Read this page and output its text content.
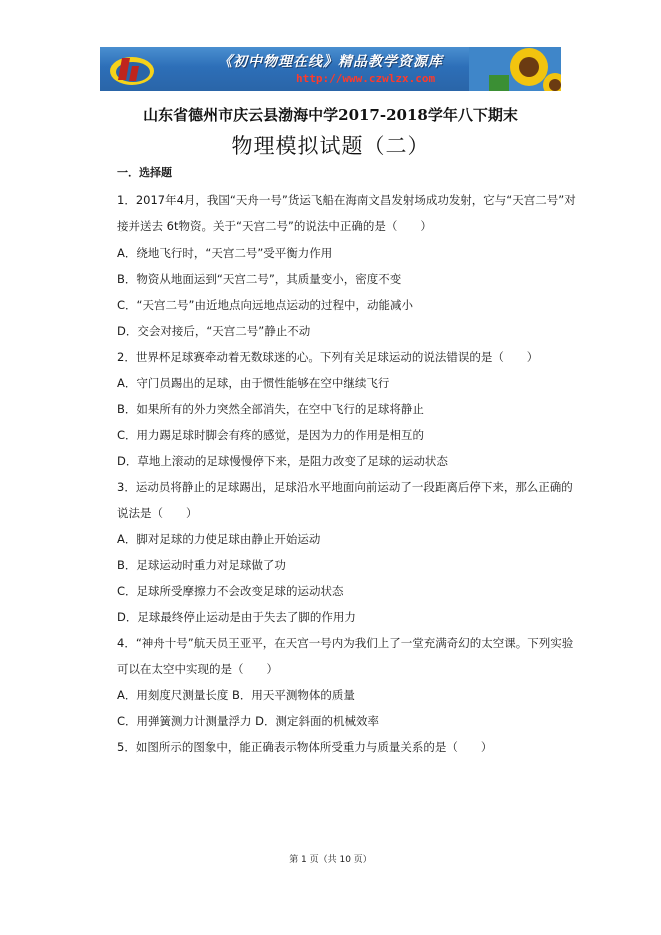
《初中物理在线》精品教学资源库
http://www.czwlzx.com
山东省德州市庆云县渤海中学2017-2018学年八下期末
物理模拟试题（二）
一．选择题
1．2017年4月，我国“天舟一号”货运飞船在海南文昌发射场成功发射，它与“天宫二号”对
接并送去 6t物资。关于“天宫二号”的说法中正确的是（　　）
A．绕地飞行时，“天宫二号”受平衡力作用
B．物资从地面运到“天宫二号”，其质量变小，密度不变
C．“天宫二号”由近地点向远地点运动的过程中，动能减小
D．交会对接后，“天宫二号”静止不动
2．世界杯足球赛牵动着无数球迷的心。下列有关足球运动的说法错误的是（　　）
A．守门员踢出的足球，由于惯性能够在空中继续飞行
B．如果所有的外力突然全部消失，在空中飞行的足球将静止
C．用力踢足球时脚会有疼的感觉，是因为力的作用是相互的
D．草地上滚动的足球慢慢停下来，是阻力改变了足球的运动状态
3．运动员将静止的足球踢出，足球沿水平地面向前运动了一段距离后停下来，那么正确的
说法是（　　）
A．脚对足球的力使足球由静止开始运动
B．足球运动时重力对足球做了功
C．足球所受摩擦力不会改变足球的运动状态
D．足球最终停止运动是由于失去了脚的作用力
4．“神舟十号”航天员王亚平，在天宫一号内为我们上了一堂充满奇幻的太空课。下列实验
可以在太空中实现的是（　　）
A．用刻度尺测量长度 B．用天平测物体的质量
C．用弹簧测力计测量浮力 D．测定斜面的机械效率
5．如图所示的图象中，能正确表示物体所受重力与质量关系的是（　　）
第 1 页（共 10 页）
